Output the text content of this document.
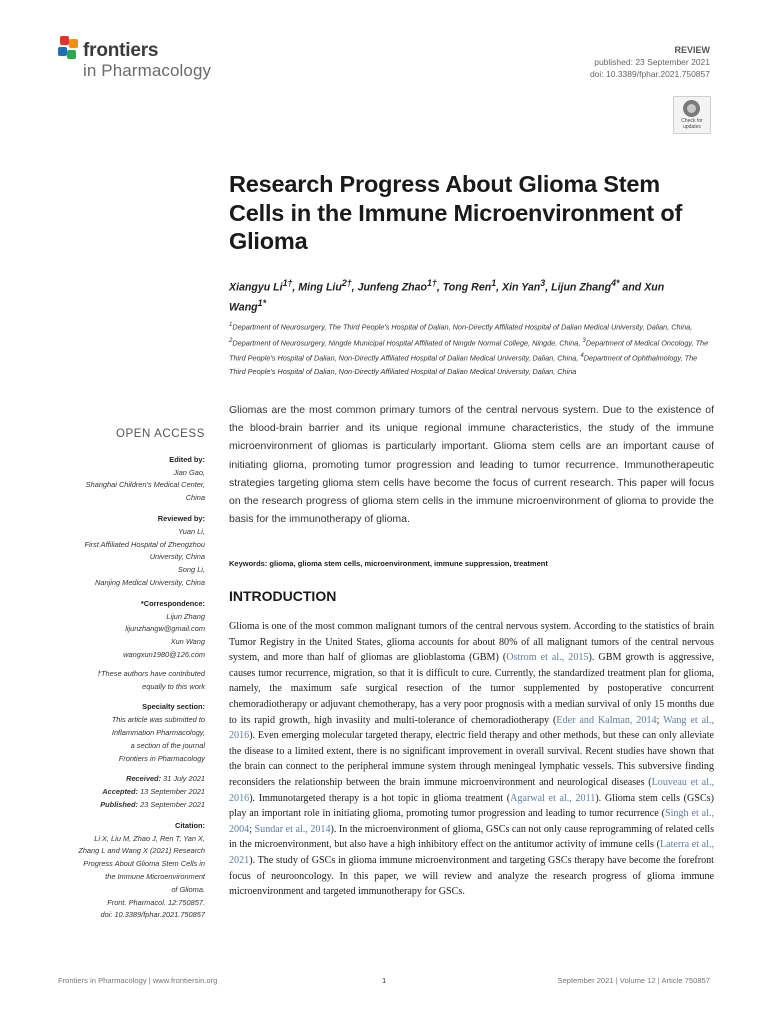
frontiers
in Pharmacology
REVIEW
published: 23 September 2021
doi: 10.3389/fphar.2021.750857
Check for
updates
Research Progress About Glioma Stem Cells in the Immune Microenvironment of Glioma
Xiangyu $Li^{1\dagger}$, Ming Liu$^{2\dagger}$, Junfeng Zhao$^{1\dagger}$, Tong Ren$^1$, Xin Yan$^3$, Lijun Zhang$^{4*}$ and Xun Wang$^{1*}$
$^1$Department of Neurosurgery, The Third People's Hospital of Dalian, Non-Directly Affiliated Hospital of Dalian Medical University, Dalian, China, $^2$Department of Neurosurgery, Ningde Municipal Hospital Affiliated of Ningde Normal College, Ningde, China, $^3$Department of Medical Oncology, The Third People's Hospital of Dalian, Non-Directly Affiliated Hospital of Dalian Medical University, Dalian, China, $^4$Department of Ophthalmology, The Third People's Hospital of Dalian, Non-Directly Affiliated Hospital of Dalian Medical University, Dalian, China
OPEN ACCESS
Edited by:
Jian Gao,
Shanghai Children's Medical Center,
China
Reviewed by:
Yuan Li,
First Affiliated Hospital of Zhengzhou
University, China
Song Li,
Nanjing Medical University, China
*Correspondence:
Lijun Zhang
lijunzhangw@gmail.com
Xun Wang
wangxun1980@126.com
†These authors have contributed
equally to this work
Specialty section:
This article was submitted to
Inflammation Pharmacology,
a section of the journal
Frontiers in Pharmacology
Received: 31 July 2021
Accepted: 13 September 2021
Published: 23 September 2021
Citation:
Li X, Liu M, Zhao J, Ren T, Yan X,
Zhang L and Wang X (2021) Research
Progress About Glioma Stem Cells in
the Immune Microenvironment
of Glioma.
Front. Pharmacol. 12:750857.
doi: 10.3389/fphar.2021.750857
Gliomas are the most common primary tumors of the central nervous system. Due to the existence of the blood-brain barrier and its unique regional immune characteristics, the study of the immune microenvironment of gliomas is particularly important. Glioma stem cells are an important cause of initiating glioma, promoting tumor progression and leading to tumor recurrence. Immunotherapeutic strategies targeting glioma stem cells have become the focus of current research. This paper will focus on the research progress of glioma stem cells in the immune microenvironment of glioma to provide the basis for the immunotherapy of glioma.
Keywords: glioma, glioma stem cells, microenvironment, immune suppression, treatment
INTRODUCTION
Glioma is one of the most common malignant tumors of the central nervous system. According to the statistics of brain Tumor Registry in the United States, glioma accounts for about 80% of all malignant tumors of the central nervous system, and more than half of gliomas are glioblastoma (GBM) (Ostrom et al., 2015). GBM growth is aggressive, causes tumor recurrence, migration, so that it is difficult to cure. Currently, the standardized treatment plan for glioma, namely, the maximum safe surgical resection of the tumor supplemented by postoperative concurrent chemoradiotherapy or adjuvant chemotherapy, has a very poor prognosis with a median survival of only 15 months due to its rapid growth, high invasiity and multi-tolerance of chemoradiotherapy (Eder and Kalman, 2014; Wang et al., 2016). Even emerging molecular targeted therapy, electric field therapy and other methods, but these can only alleviate the disease to a limited extent, there is no significant improvement in overall survival. Recent studies have shown that the brain can connect to the peripheral immune system through meningeal lymphatic vessels. This subversive finding reconsiders the relationship between the brain immune microenvironment and neurological diseases (Louveau et al., 2016). Immunotargeted therapy is a hot topic in glioma treatment (Agarwal et al., 2011). Glioma stem cells (GSCs) play an important role in initiating glioma, promoting tumor progression and leading to tumor recurrence (Singh et al., 2004; Sundar et al., 2014). In the microenvironment of glioma, GSCs can not only cause reprogramming of related cells in the microenvironment, but also have a high inhibitory effect on the antitumor activity of immune cells (Laterra et al., 2021). The study of GSCs in glioma immune microenvironment and targeting GSCs therapy have become the forefront focus of neurooncology. In this paper, we will review and analyze the research progress of glioma immune microenvironment and targeted immunotherapy for GSCs.
Frontiers in Pharmacology | www.frontiersin.org	1	September 2021 | Volume 12 | Article 750857
